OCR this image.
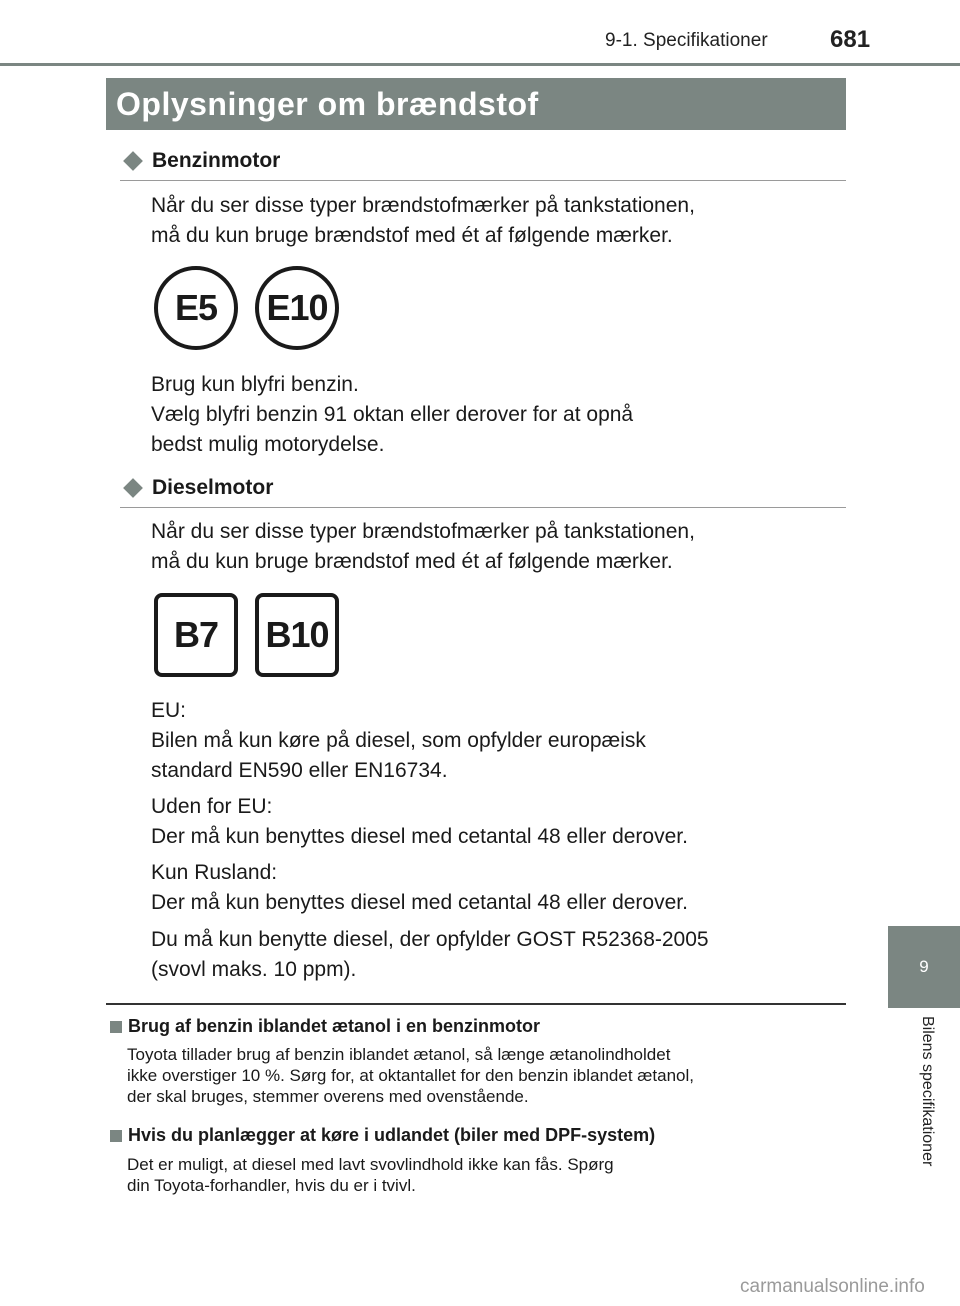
9-1. Specifikationer	681
Oplysninger om brændstof
Benzinmotor
Når du ser disse typer brændstofmærker på tankstationen,
må du kun bruge brændstof med ét af følgende mærker.
E5	E10
Brug kun blyfri benzin.
Vælg blyfri benzin 91 oktan eller derover for at opnå
bedst mulig motorydelse.
Dieselmotor
Når du ser disse typer brændstofmærker på tankstationen,
må du kun bruge brændstof med ét af følgende mærker.
B7	B10
EU:
Bilen må kun køre på diesel, som opfylder europæisk
standard EN590 eller EN16734.
Uden for EU:
Der må kun benyttes diesel med cetantal 48 eller derover.
Kun Rusland:
Der må kun benyttes diesel med cetantal 48 eller derover.
Du må kun benytte diesel, der opfylder GOST R52368-2005
(svovl maks. 10 ppm).
Brug af benzin iblandet ætanol i en benzinmotor
Toyota tillader brug af benzin iblandet ætanol, så længe ætanolindholdet
ikke overstiger 10 %. Sørg for, at oktantallet for den benzin iblandet ætanol,
der skal bruges, stemmer overens med ovenstående.
Hvis du planlægger at køre i udlandet (biler med DPF-system)
Det er muligt, at diesel med lavt svovlindhold ikke kan fås. Spørg
din Toyota-forhandler, hvis du er i tvivl.
9
Bilens specifikationer
carmanualsonline.info
